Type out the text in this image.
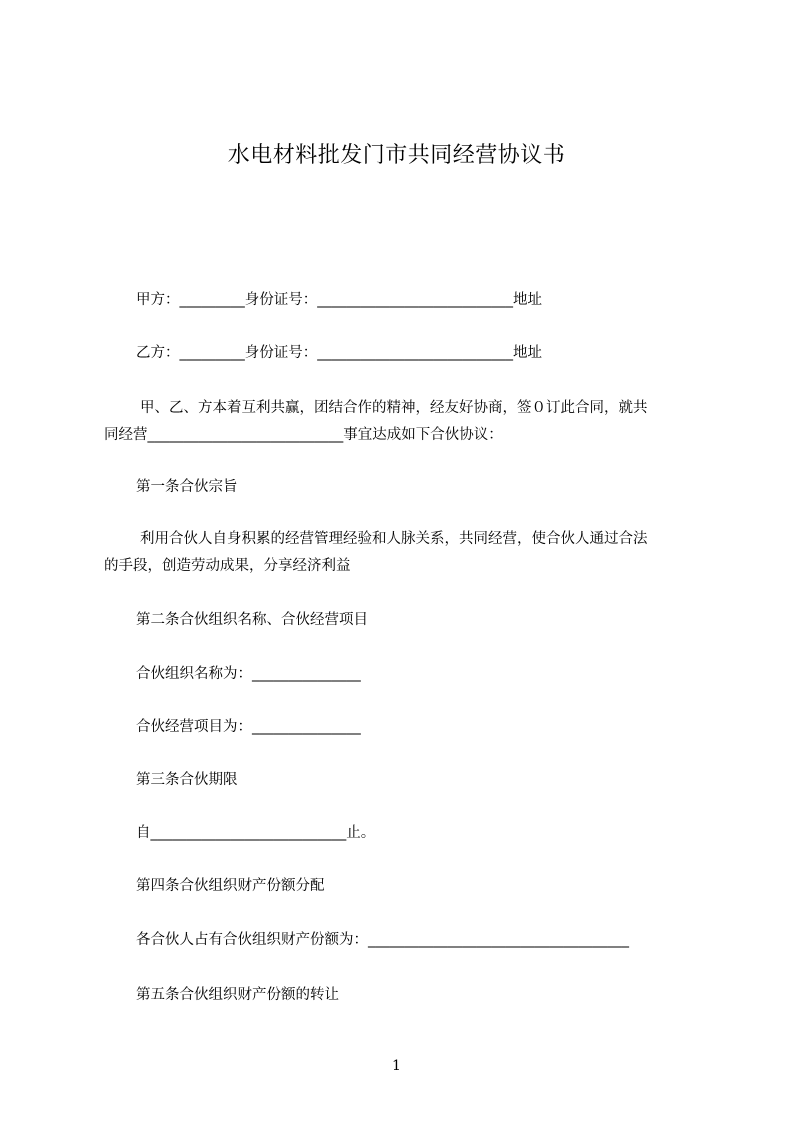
水电材料批发门市共同经营协议书
甲方：_________身份证号：___________________________地址
乙方：_________身份证号：___________________________地址
甲、乙、方本着互利共赢，团结合作的精神，经友好协商，签０订此合同，就共
同经营___________________________事宜达成如下合伙协议：
第一条合伙宗旨
利用合伙人自身积累的经营管理经验和人脉关系，共同经营，使合伙人通过合法
的手段，创造劳动成果，分享经济利益
第二条合伙组织名称、合伙经营项目
合伙组织名称为：_______________
合伙经营项目为：_______________
第三条合伙期限
自___________________________止。
第四条合伙组织财产份额分配
各合伙人占有合伙组织财产份额为：____________________________________
第五条合伙组织财产份额的转让
1
